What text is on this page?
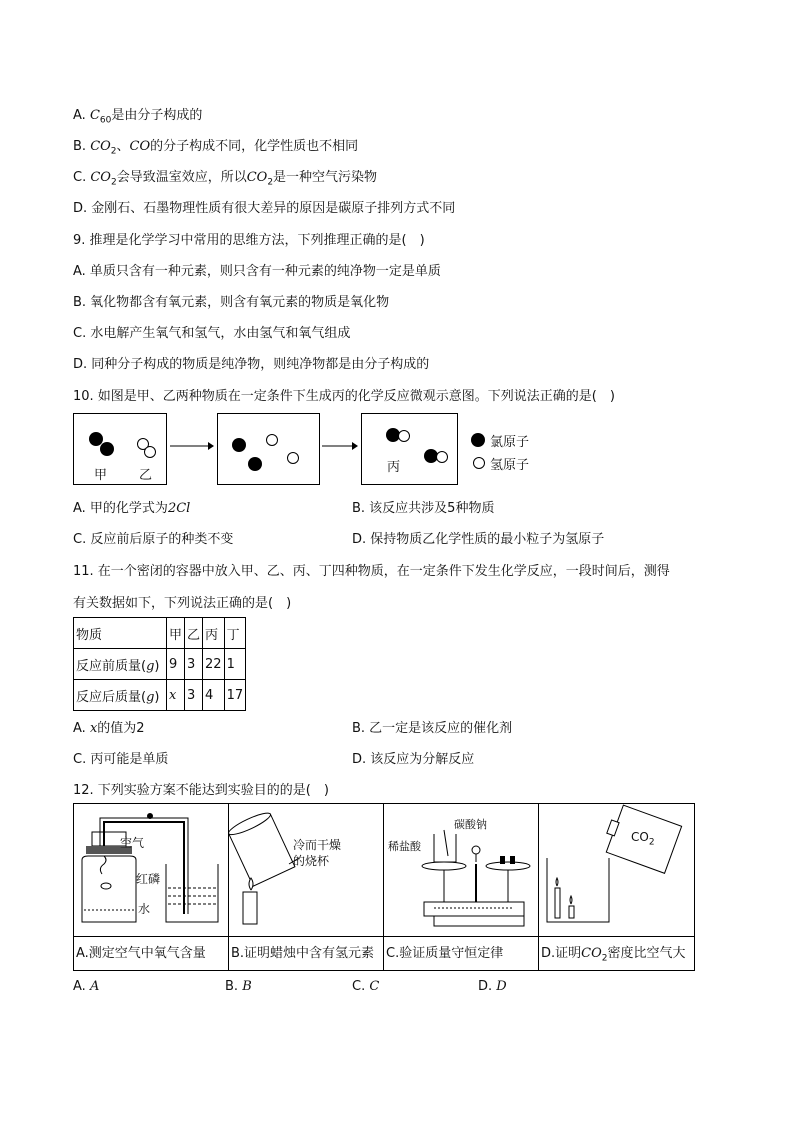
A. $C_{60}$是由分子构成的
B. $CO_2$、CO的分子构成不同，化学性质也不相同
C. $CO_2$会导致温室效应，所以$CO_2$是一种空气污染物
D. 金刚石、石墨物理性质有很大差异的原因是碳原子排列方式不同
9. 推理是化学学习中常用的思维方法，下列推理正确的是(　)
A. 单质只含有一种元素，则只含有一种元素的纯净物一定是单质
B. 氧化物都含有氧元素，则含有氧元素的物质是氧化物
C. 水电解产生氧气和氢气，水由氢气和氧气组成
D. 同种分子构成的物质是纯净物，则纯净物都是由分子构成的
10. 如图是甲、乙两种物质在一定条件下生成丙的化学反应微观示意图。下列说法正确的是(　)
甲 乙
丙
氯原子
氢原子
A. 甲的化学式为2Cl	B. 该反应共涉及5种物质
C. 反应前后原子的种类不变	D. 保持物质乙化学性质的最小粒子为氢原子
11. 在一个密闭的容器中放入甲、乙、丙、丁四种物质，在一定条件下发生化学反应，一段时间后，测得
有关数据如下，下列说法正确的是(　)
物质	甲	乙	丙	丁
反应前质量(g)	9	3	22	1
反应后质量(g)	x	3	4	17
A. x的值为2	B. 乙一定是该反应的催化剂
C. 丙可能是单质	D. 该反应为分解反应
12. 下列实验方案不能达到实验目的的是(　)
空气
红磷
水
冷而干燥
的烧杯
碳酸钠
稀盐酸
$CO_2$
A.测定空气中氧气含量	B.证明蜡烛中含有氢元素 C.验证质量守恒定律	D.证明$CO_2$密度比空气大
A. A	B. B	C. C	D. D
